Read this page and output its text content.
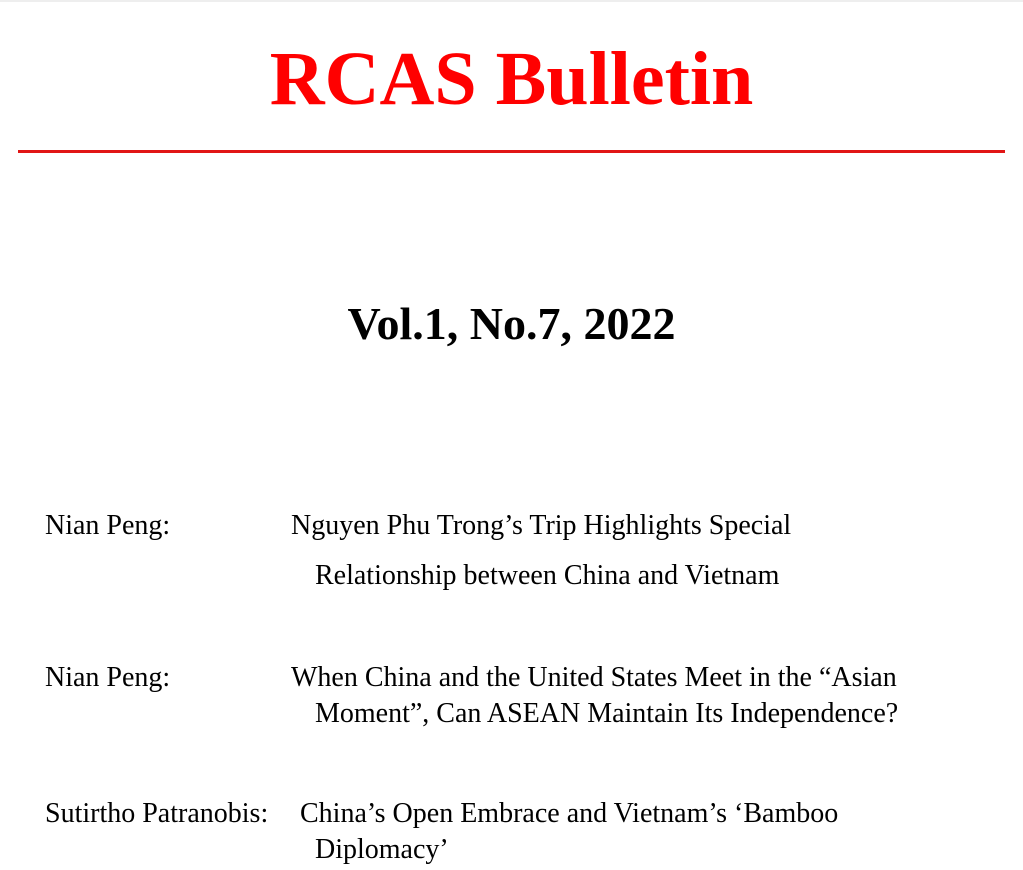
RCAS Bulletin
Vol.1, No.7, 2022
Nian Peng:	Nguyen Phu Trong’s Trip Highlights Special
Relationship between China and Vietnam
Nian Peng:	When China and the United States Meet in the “Asian
Moment”, Can ASEAN Maintain Its Independence?
Sutirtho Patranobis: China’s Open Embrace and Vietnam’s ‘Bamboo
Diplomacy’
